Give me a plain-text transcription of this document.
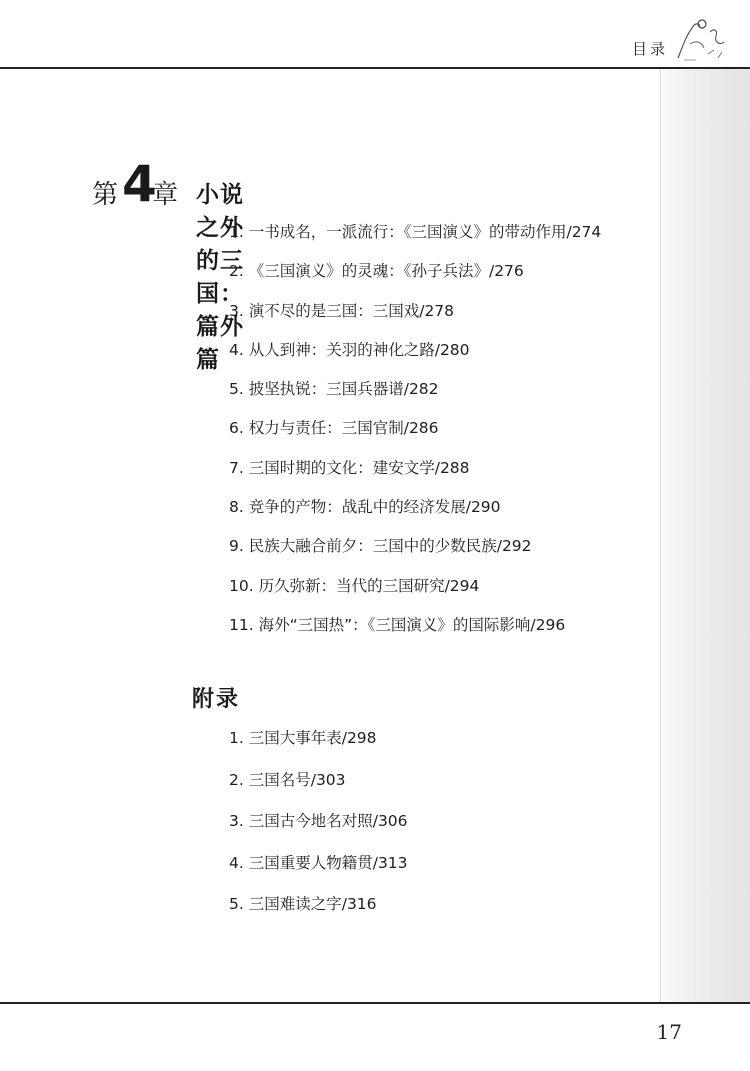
目录
第 4
章 小说之外的三国：篇外篇
1. 一书成名，一派流行：《三国演义》的带动作用/274
2. 《三国演义》的灵魂：《孙子兵法》/276
3. 演不尽的是三国：三国戏/278
4. 从人到神：关羽的神化之路/280
5. 披坚执锐：三国兵器谱/282
6. 权力与责任：三国官制/286
7. 三国时期的文化：建安文学/288
8. 竞争的产物：战乱中的经济发展/290
9. 民族大融合前夕：三国中的少数民族/292
10. 历久弥新：当代的三国研究/294
11. 海外“三国热”：《三国演义》的国际影响/296
附录
1. 三国大事年表/298
2. 三国名号/303
3. 三国古今地名对照/306
4. 三国重要人物籍贯/313
5. 三国难读之字/316
17
